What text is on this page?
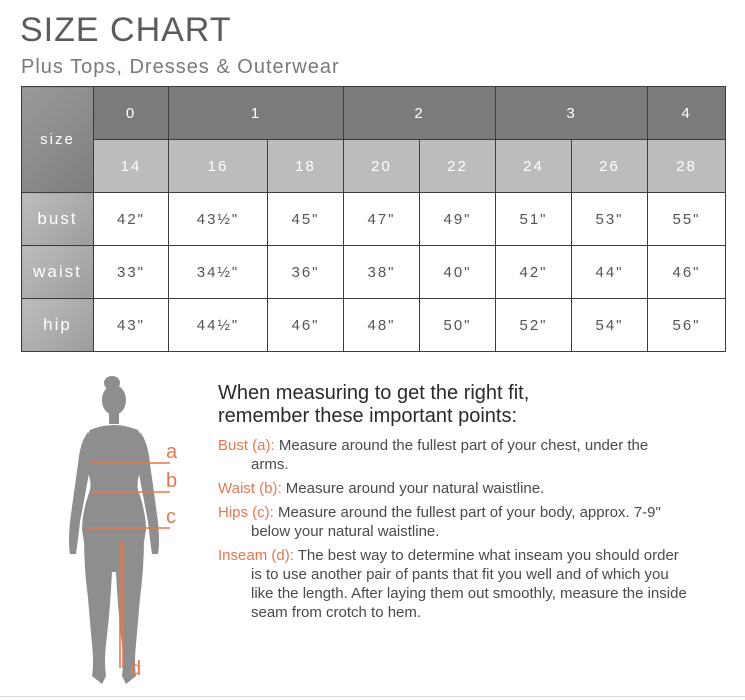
SIZE CHART
Plus Tops, Dresses & Outerwear
size	0	1		2		3		4
	14	16	18	20	22	24	26	28
bust	42"	43½"	45"	47"	49"	51"	53"	55"
waist	33"	34½"	36"	38"	40"	42"	44"	46"
hip	43"	44½"	46"	48"	50"	52"	54"	56"
a
b
c
d
When measuring to get the right fit,
remember these important points:
Bust (a): Measure around the fullest part of your chest, under the arms.
Waist (b): Measure around your natural waistline.
Hips (c): Measure around the fullest part of your body, approx. 7-9" below your natural waistline.
Inseam (d): The best way to determine what inseam you should order is to use another pair of pants that fit you well and of which you like the length. After laying them out smoothly, measure the inside seam from crotch to hem.
